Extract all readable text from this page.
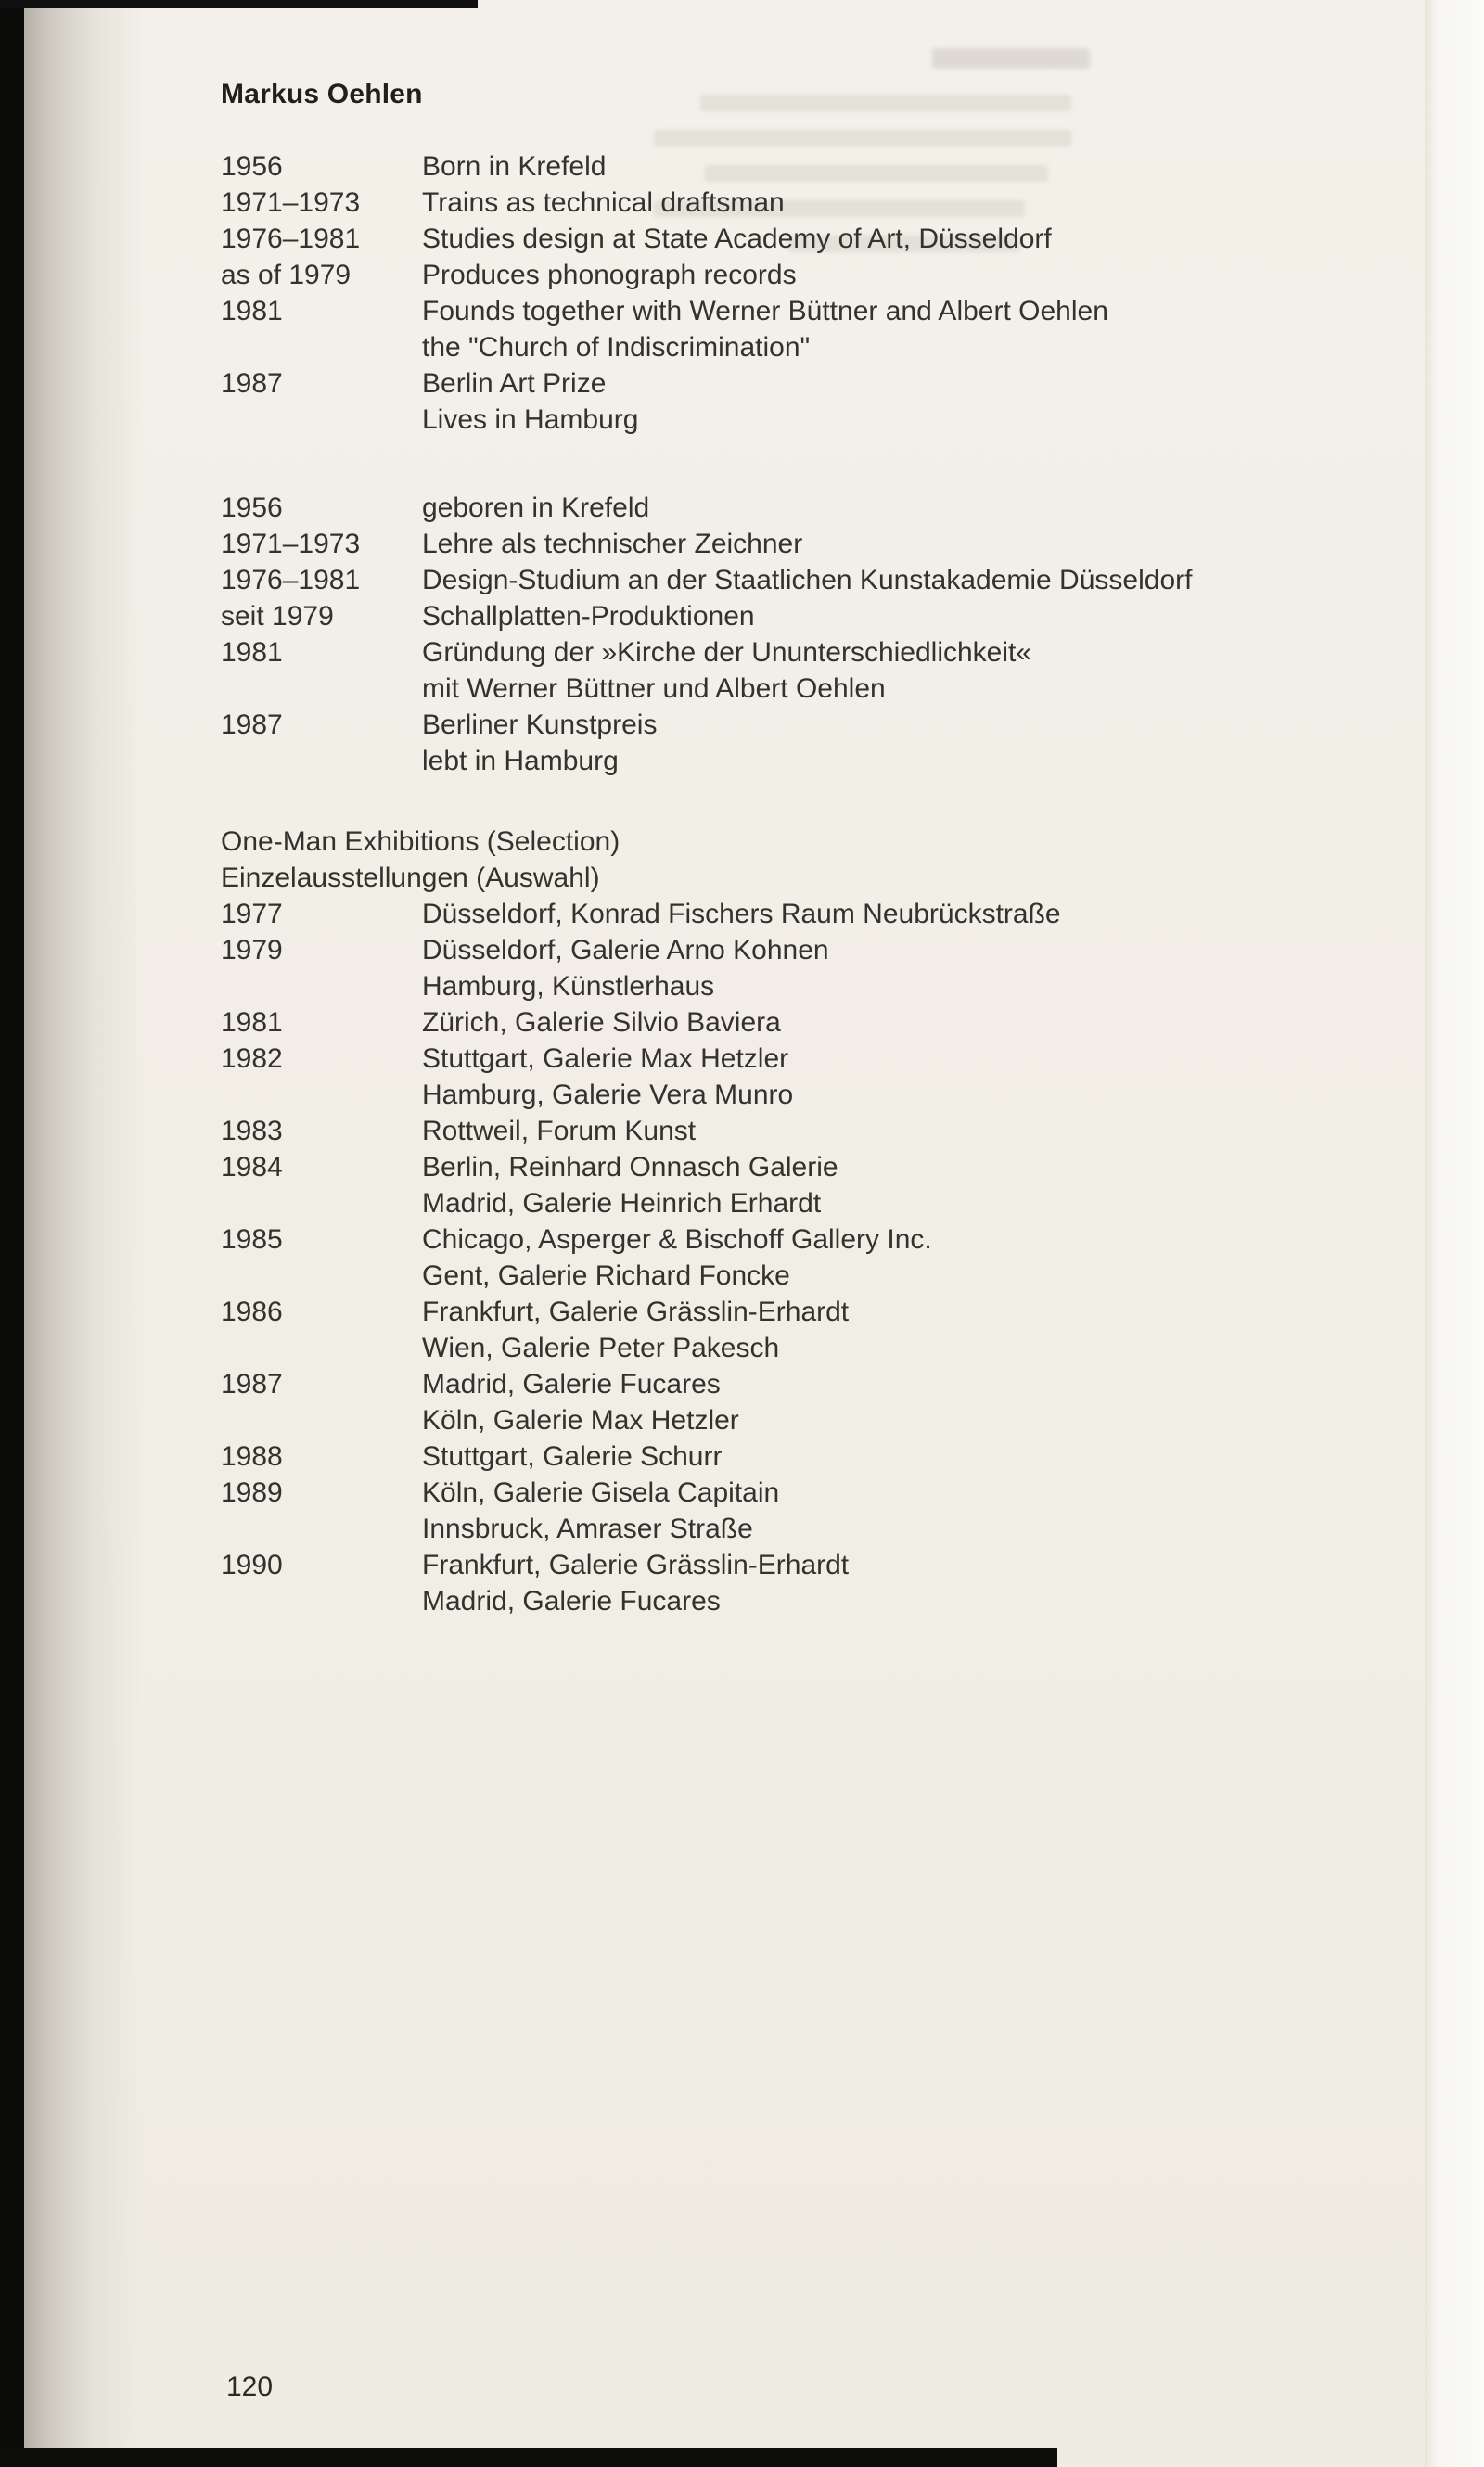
Markus Oehlen
1956	Born in Krefeld
1971–1973	Trains as technical draftsman
1976–1981	Studies design at State Academy of Art, Düsseldorf
as of 1979	Produces phonograph records
1981	Founds together with Werner Büttner and Albert Oehlen
the "Church of Indiscrimination"
1987	Berlin Art Prize
Lives in Hamburg
1956	geboren in Krefeld
1971–1973	Lehre als technischer Zeichner
1976–1981	Design-Studium an der Staatlichen Kunstakademie Düsseldorf
seit 1979	Schallplatten-Produktionen
1981	Gründung der »Kirche der Ununterschiedlichkeit«
mit Werner Büttner und Albert Oehlen
1987	Berliner Kunstpreis
lebt in Hamburg
One-Man Exhibitions (Selection)
Einzelausstellungen (Auswahl)
1977	Düsseldorf, Konrad Fischers Raum Neubrückstraße
1979	Düsseldorf, Galerie Arno Kohnen
Hamburg, Künstlerhaus
1981	Zürich, Galerie Silvio Baviera
1982	Stuttgart, Galerie Max Hetzler
Hamburg, Galerie Vera Munro
1983	Rottweil, Forum Kunst
1984	Berlin, Reinhard Onnasch Galerie
Madrid, Galerie Heinrich Erhardt
1985	Chicago, Asperger & Bischoff Gallery Inc.
Gent, Galerie Richard Foncke
1986	Frankfurt, Galerie Grässlin-Erhardt
Wien, Galerie Peter Pakesch
1987	Madrid, Galerie Fucares
Köln, Galerie Max Hetzler
1988	Stuttgart, Galerie Schurr
1989	Köln, Galerie Gisela Capitain
Innsbruck, Amraser Straße
1990	Frankfurt, Galerie Grässlin-Erhardt
Madrid, Galerie Fucares
120
